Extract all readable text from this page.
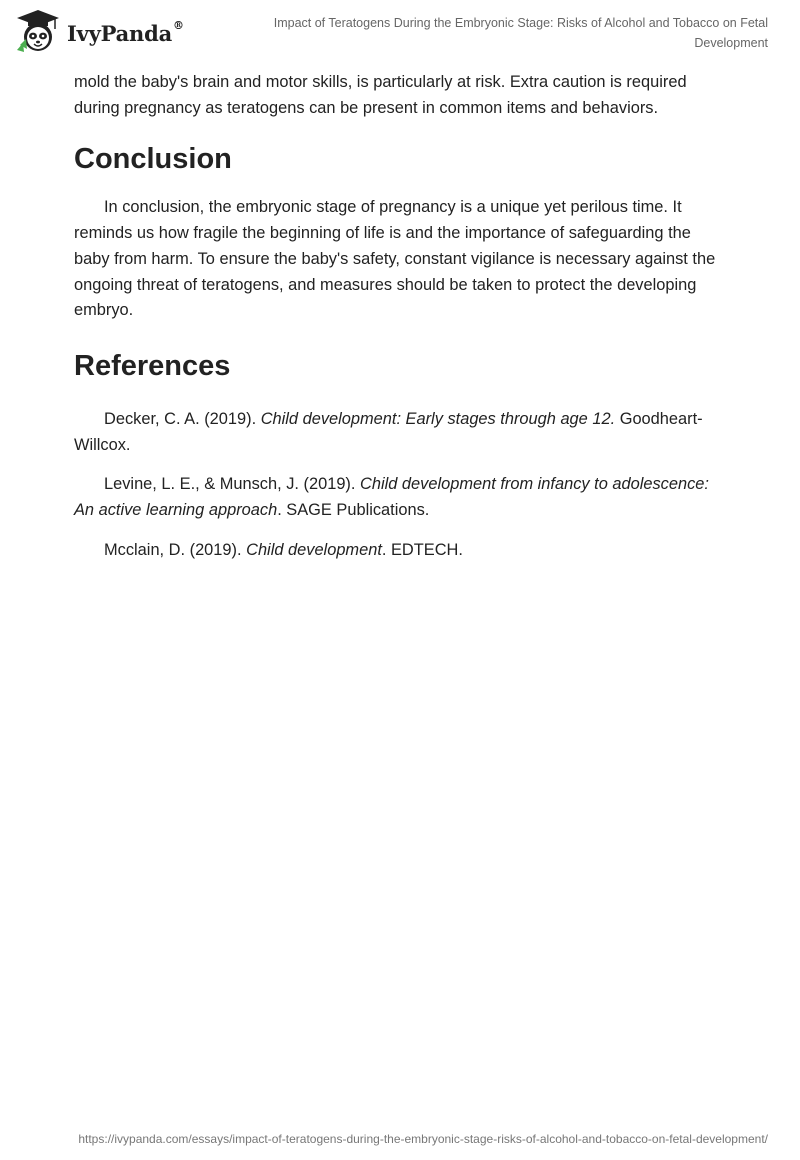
IvyPanda®	Impact of Teratogens During the Embryonic Stage: Risks of Alcohol and Tobacco on Fetal Development

mold the baby's brain and motor skills, is particularly at risk. Extra caution is required during pregnancy as teratogens can be present in common items and behaviors.

Conclusion

In conclusion, the embryonic stage of pregnancy is a unique yet perilous time. It reminds us how fragile the beginning of life is and the importance of safeguarding the baby from harm. To ensure the baby's safety, constant vigilance is necessary against the ongoing threat of teratogens, and measures should be taken to protect the developing embryo.

References

Decker, C. A. (2019). Child development: Early stages through age 12. Goodheart-Willcox.

Levine, L. E., & Munsch, J. (2019). Child development from infancy to adolescence: An active learning approach. SAGE Publications.

Mcclain, D. (2019). Child development. EDTECH.

https://ivypanda.com/essays/impact-of-teratogens-during-the-embryonic-stage-risks-of-alcohol-and-tobacco-on-fetal-development/
